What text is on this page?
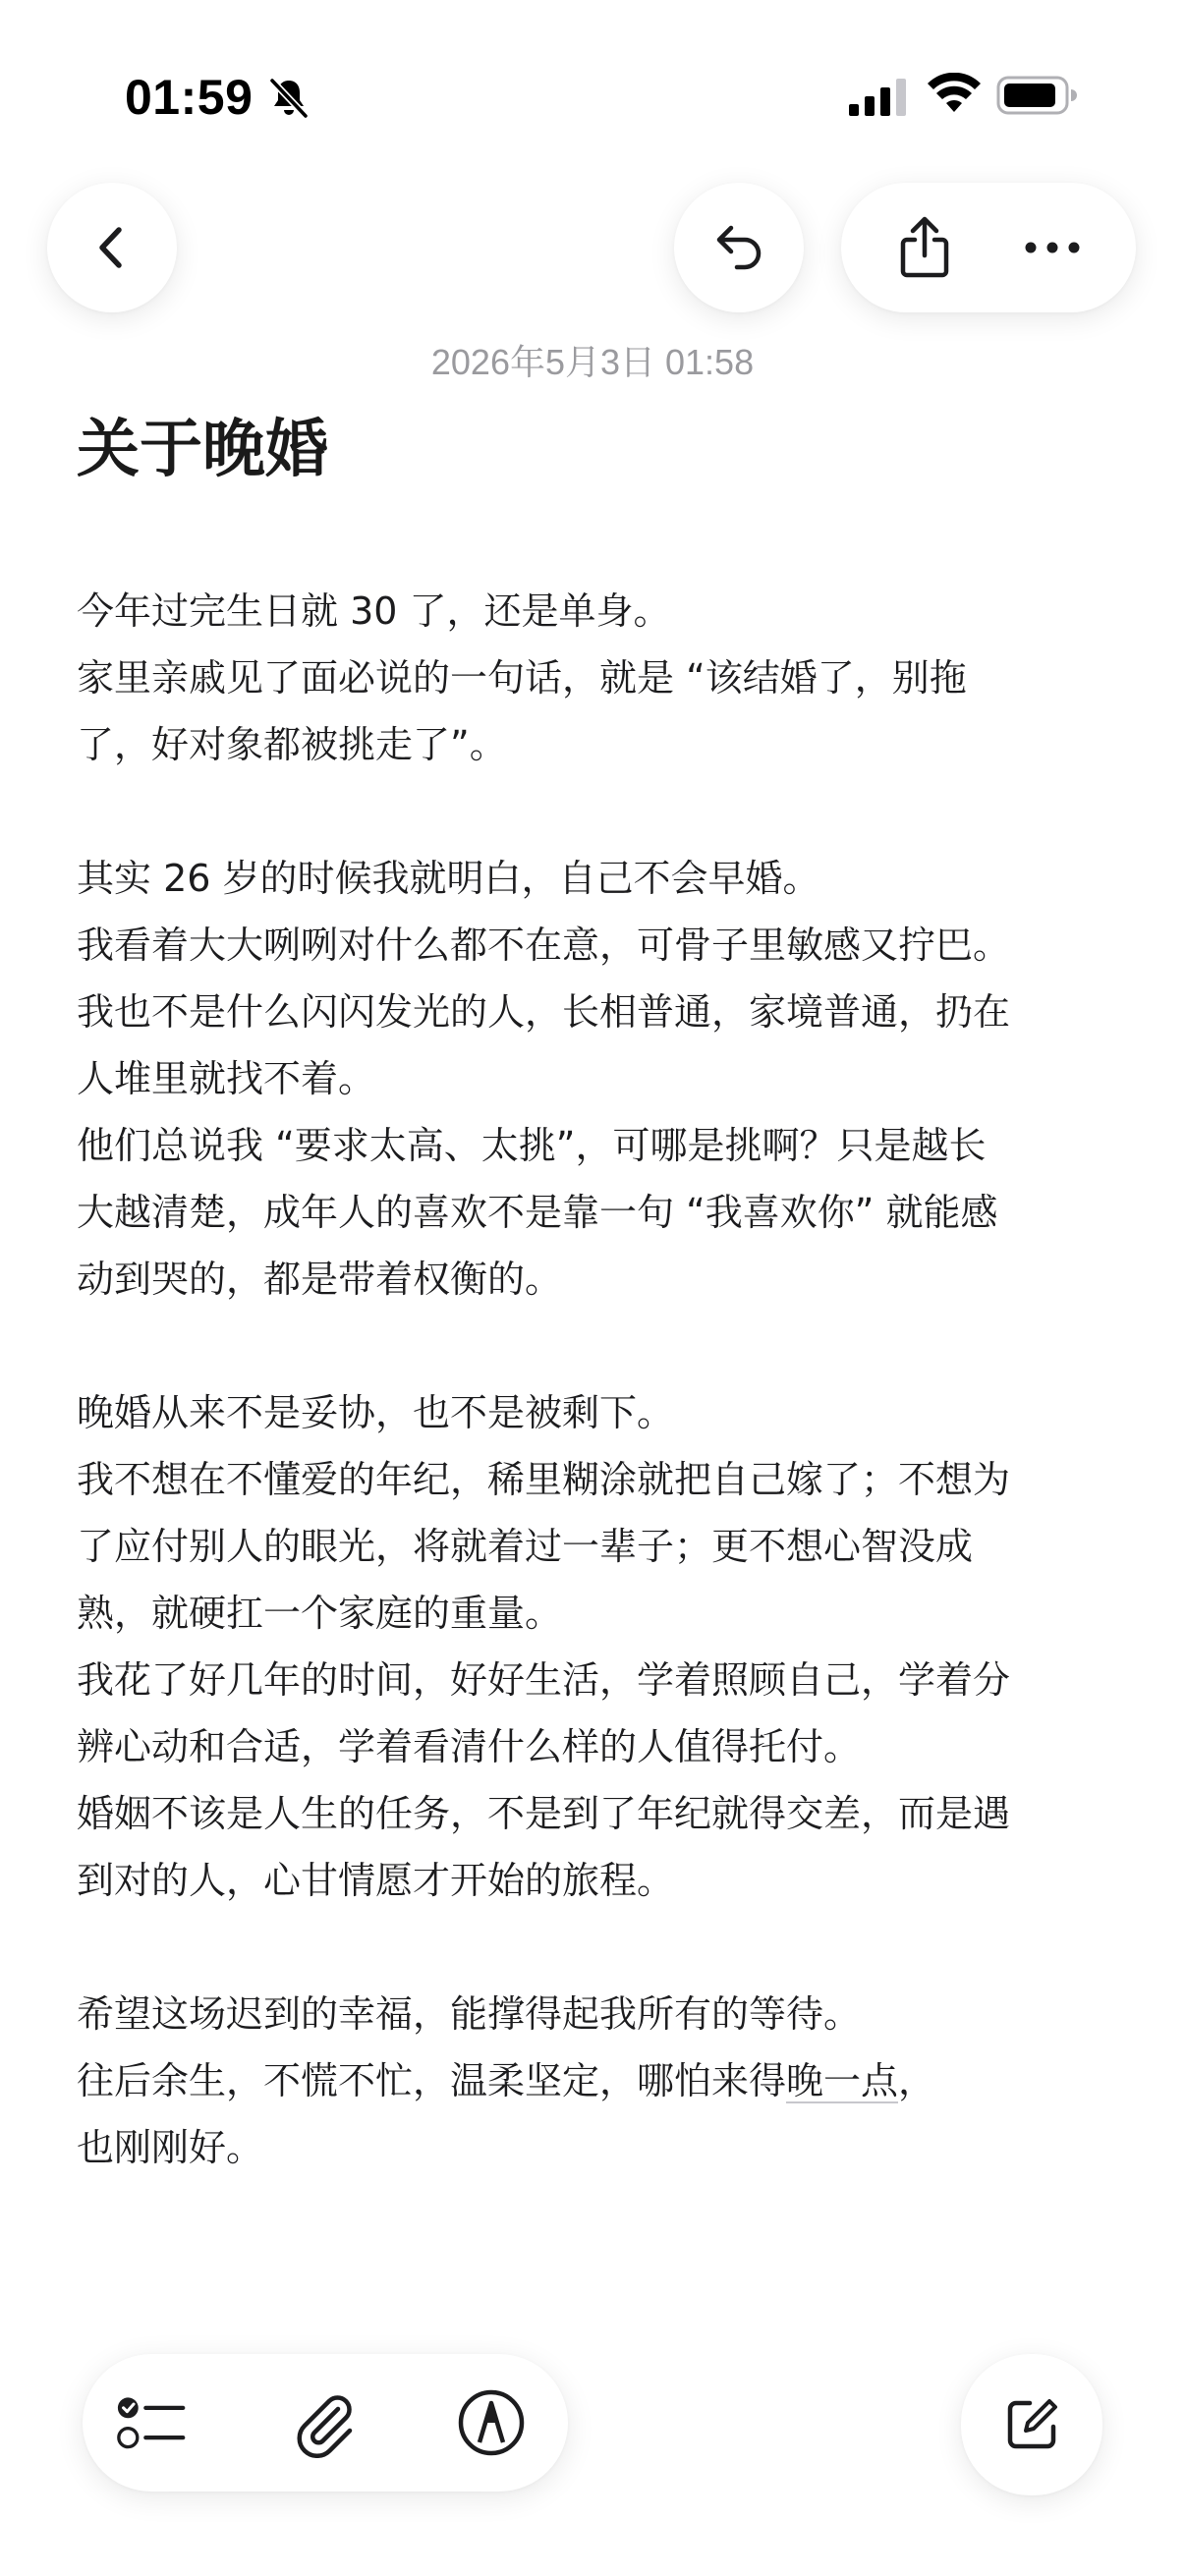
01:59
2026年5月3日 01:58
关于晚婚
今年过完生日就 30 了，还是单身。
家里亲戚见了面必说的一句话，就是 “该结婚了，别拖
了，好对象都被挑走了”。
其实 26 岁的时候我就明白，自己不会早婚。
我看着大大咧咧对什么都不在意，可骨子里敏感又拧巴。
我也不是什么闪闪发光的人，长相普通，家境普通，扔在
人堆里就找不着。
他们总说我 “要求太高、太挑”，可哪是挑啊？只是越长
大越清楚，成年人的喜欢不是靠一句 “我喜欢你” 就能感
动到哭的，都是带着权衡的。
晚婚从来不是妥协，也不是被剩下。
我不想在不懂爱的年纪，稀里糊涂就把自己嫁了；不想为
了应付别人的眼光，将就着过一辈子；更不想心智没成
熟，就硬扛一个家庭的重量。
我花了好几年的时间，好好生活，学着照顾自己，学着分
辨心动和合适，学着看清什么样的人值得托付。
婚姻不该是人生的任务，不是到了年纪就得交差，而是遇
到对的人，心甘情愿才开始的旅程。
希望这场迟到的幸福，能撑得起我所有的等待。
往后余生，不慌不忙，温柔坚定，哪怕来得晚一点，
也刚刚好。
